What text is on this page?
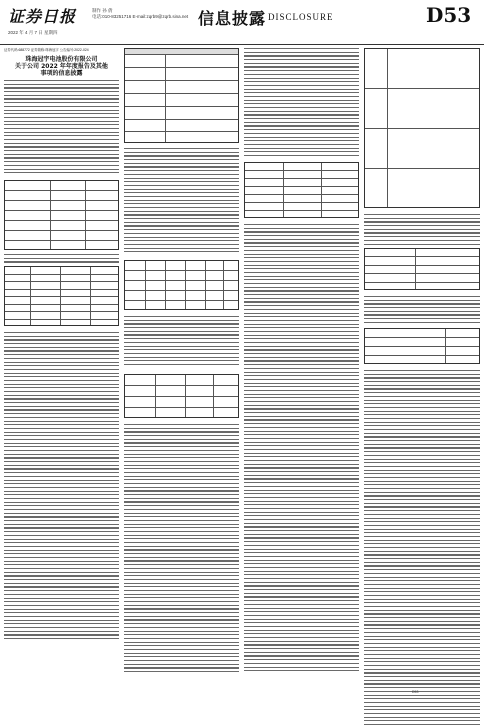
证券日报
2022 年 4 月 7 日 星期四
制作 孙 倩
电话:010-83251716 E-mail:zqrb9@zqrb.sina.net 信息披露 DISCLOSURE	D53
证券代码:688772 证券简称:珠海冠宇 公告编号:2022-024
珠海冠宇电池股份有限公司
关于公司 2022 年年度报告及其他
事项的信息披露
D53
